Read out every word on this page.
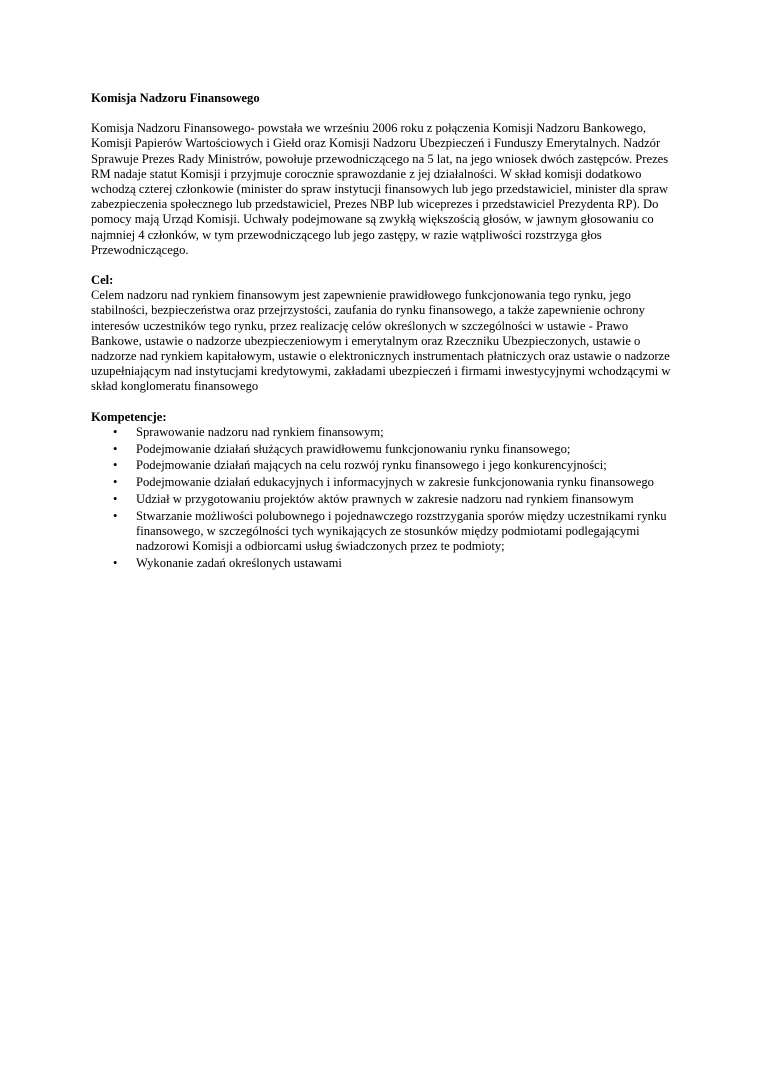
Komisja Nadzoru Finansowego

Komisja Nadzoru Finansowego- powstała we wrześniu 2006 roku z połączenia Komisji Nadzoru Bankowego, Komisji Papierów Wartościowych i Giełd oraz Komisji Nadzoru Ubezpieczeń i Funduszy Emerytalnych. Nadzór Sprawuje Prezes Rady Ministrów, powołuje przewodniczącego na 5 lat, na jego wniosek dwóch zastępców. Prezes RM nadaje statut Komisji i przyjmuje corocznie sprawozdanie z jej działalności. W skład komisji dodatkowo wchodzą czterej członkowie (minister do spraw instytucji finansowych lub jego przedstawiciel, minister dla spraw zabezpieczenia społecznego lub przedstawiciel, Prezes NBP lub wiceprezes i przedstawiciel Prezydenta RP). Do pomocy mają Urząd Komisji. Uchwały podejmowane są zwykłą większością głosów, w jawnym głosowaniu co najmniej 4 członków, w tym przewodniczącego lub jego zastępy, w razie wątpliwości rozstrzyga głos Przewodniczącego.

Cel:

Celem nadzoru nad rynkiem finansowym jest zapewnienie prawidłowego funkcjonowania tego rynku, jego stabilności, bezpieczeństwa oraz przejrzystości, zaufania do rynku finansowego, a także zapewnienie ochrony interesów uczestników tego rynku, przez realizację celów określonych w szczególności w ustawie - Prawo Bankowe, ustawie o nadzorze ubezpieczeniowym i emerytalnym oraz Rzeczniku Ubezpieczonych, ustawie o nadzorze nad rynkiem kapitałowym, ustawie o elektronicznych instrumentach płatniczych oraz ustawie o nadzorze uzupełniającym nad instytucjami kredytowymi, zakładami ubezpieczeń i firmami inwestycyjnymi wchodzącymi w skład konglomeratu finansowego

Kompetencje:

• Sprawowanie nadzoru nad rynkiem finansowym;
• Podejmowanie działań służących prawidłowemu funkcjonowaniu rynku finansowego;
• Podejmowanie działań mających na celu rozwój rynku finansowego i jego konkurencyjności;
• Podejmowanie działań edukacyjnych i informacyjnych w zakresie funkcjonowania rynku finansowego
• Udział w przygotowaniu projektów aktów prawnych w zakresie nadzoru nad rynkiem finansowym
• Stwarzanie możliwości polubownego i pojednawczego rozstrzygania sporów między uczestnikami rynku finansowego, w szczególności tych wynikających ze stosunków między podmiotami podlegającymi nadzorowi Komisji a odbiorcami usług świadczonych przez te podmioty;
• Wykonanie zadań określonych ustawami
